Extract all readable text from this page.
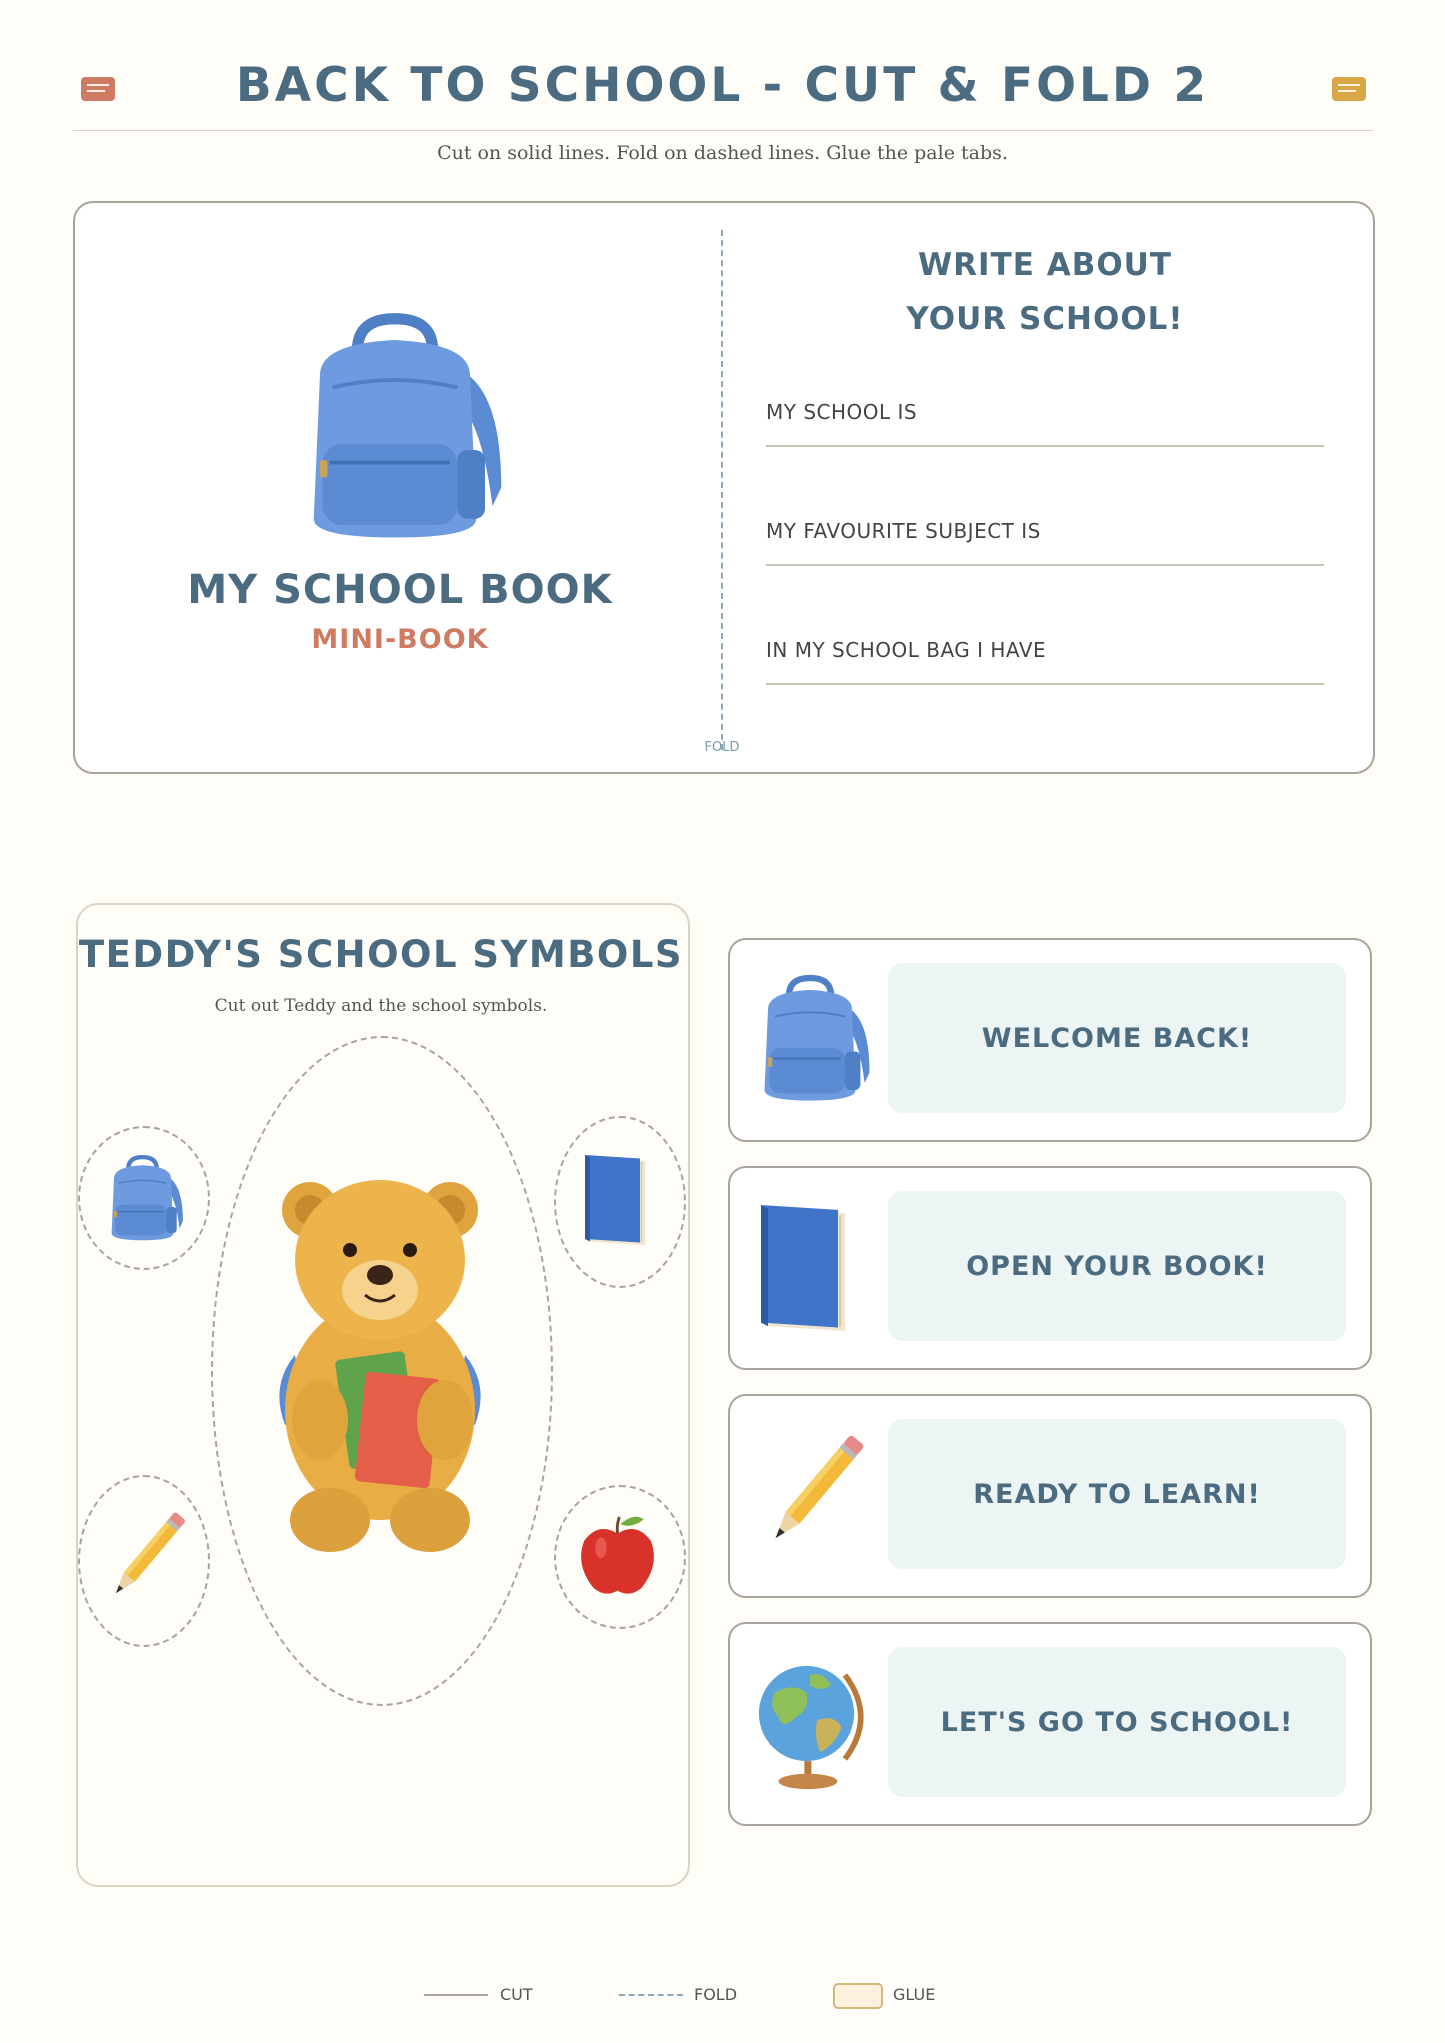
BACK TO SCHOOL - CUT & FOLD 2
Cut on solid lines. Fold on dashed lines. Glue the pale tabs.
MY SCHOOL BOOK
MINI-BOOK
FOLD
WRITE ABOUT
YOUR SCHOOL!
MY SCHOOL IS
MY FAVOURITE SUBJECT IS
IN MY SCHOOL BAG I HAVE
TEDDY'S SCHOOL SYMBOLS
Cut out Teddy and the school symbols.
WELCOME BACK!
OPEN YOUR BOOK!
READY TO LEARN!
LET'S GO TO SCHOOL!
CUT	FOLD	GLUE
